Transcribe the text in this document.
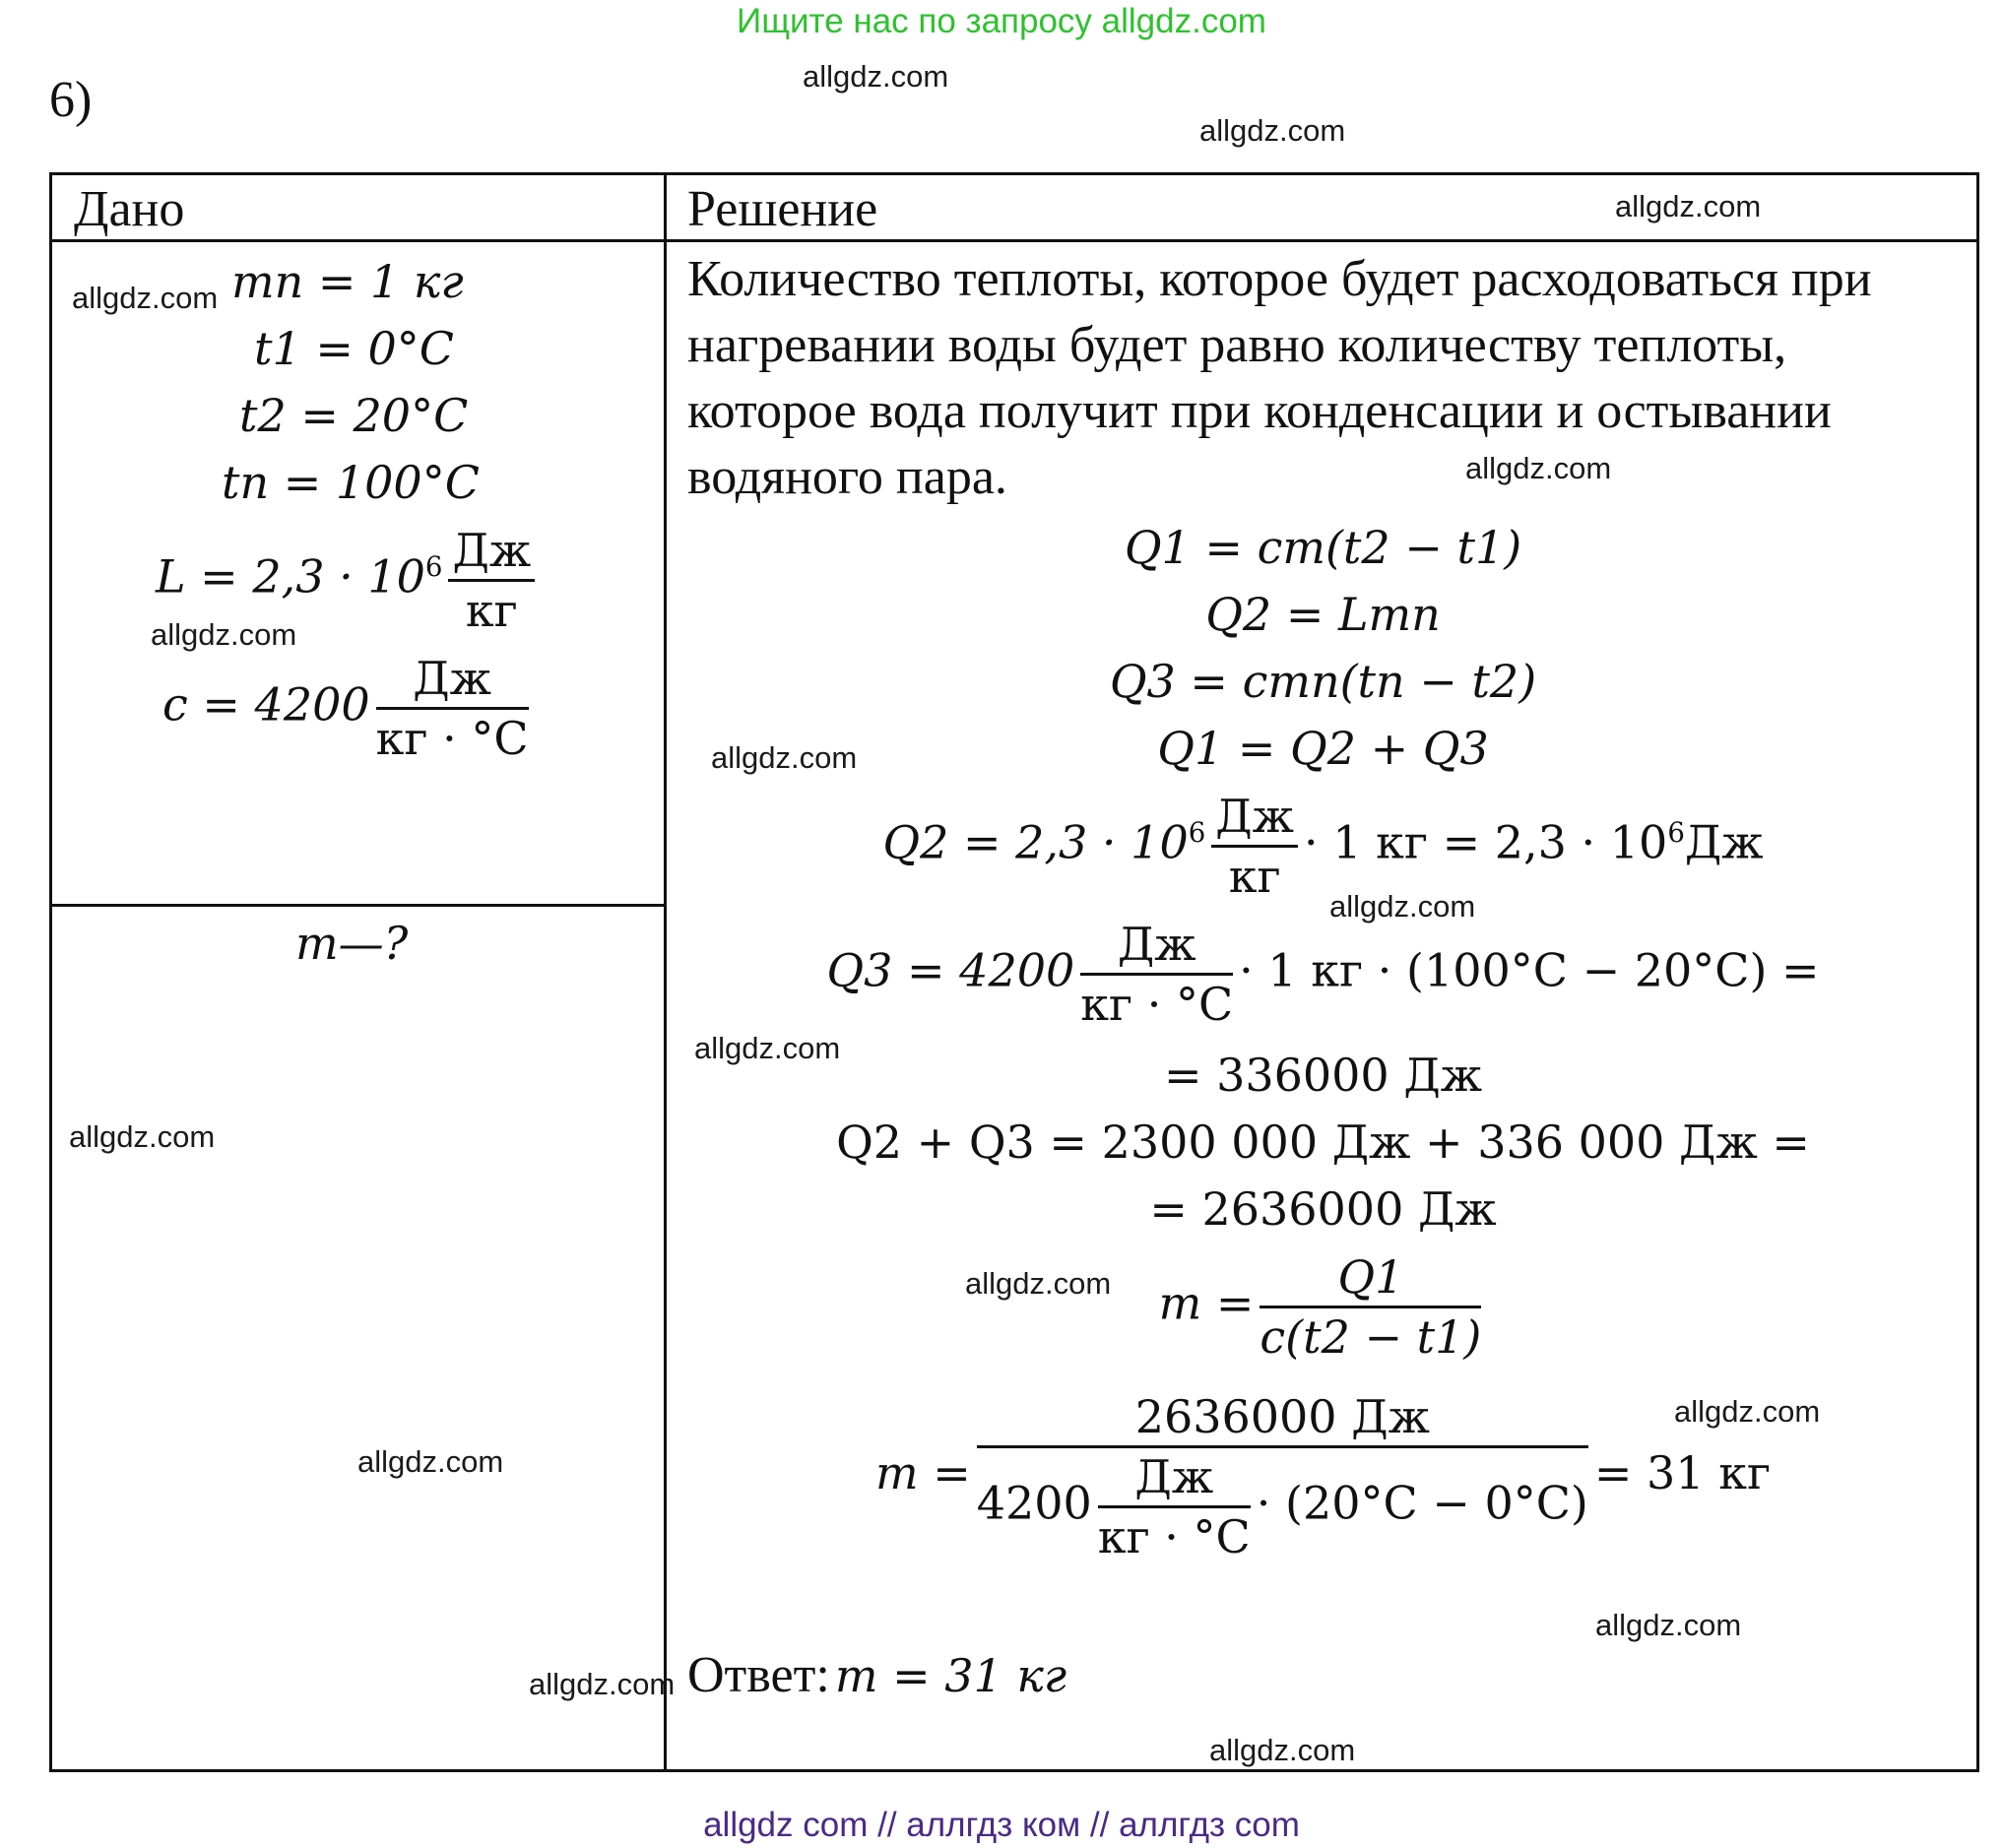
Ищите нас по запросу allgdz.com
6)
Дано	Решение
mп = 1 кг
t1 = 0°C
t2 = 20°C
tп = 100°C
$L = 2,3 \cdot 10^6 \frac{Дж}{кг}$
$c = 4200 \frac{Дж}{кг \cdot ^\circ C}$
m—?
Количество теплоты, которое будет расходоваться при нагревании воды будет равно количеству теплоты, которое вода получит при конденсации и остывании водяного пара.
Q1 = cm(t2 − t1)
Q2 = Lmп
Q3 = cmп(tп − t2)
Q1 = Q2 + Q3
$Q2 = 2,3 \cdot 10^6 \frac{Дж}{кг} \cdot 1$ кг = $2,3 \cdot 10^6Дж$
$Q3 = 4200 \frac{Дж}{кг \cdot ^\circ C} \cdot 1$ кг · (100°C − 20°C) =
= 336000 Дж
Q2 + Q3 = 2300 000 Дж + 336 000 Дж =
= 2636000 Дж
$m = \frac{Q1}{c(t2 - t1)}$
$m = \frac{2636000 Дж}{4200 \frac{Дж}{кг \cdot ^\circ C} \cdot (20^\circ C - 0^\circ C)} = 31$ кг
Ответ: m = 31 кг
allgdz.com
allgdz.com
allgdz.com
allgdz.com
allgdz.com
allgdz.com
allgdz.com
allgdz.com
allgdz.com
allgdz.com
allgdz.com
allgdz.com
allgdz.com
allgdz.com
allgdz.com
allgdz.com
allgdz com // аллгдз ком // аллгдз com
